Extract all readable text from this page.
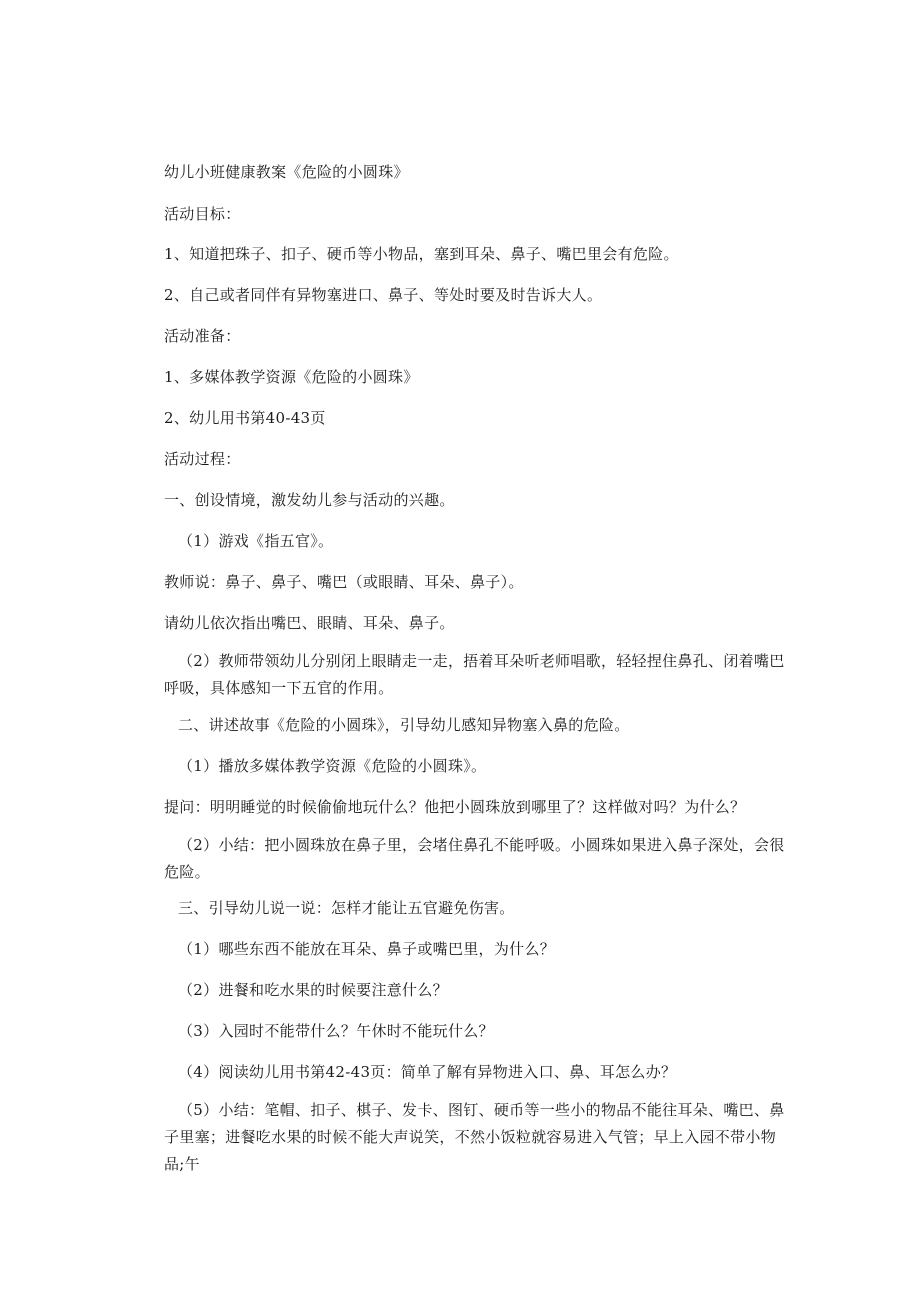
幼儿小班健康教案《危险的小圆珠》
活动目标：
1、知道把珠子、扣子、硬币等小物品，塞到耳朵、鼻子、嘴巴里会有危险。
2、自己或者同伴有异物塞进口、鼻子、等处时要及时告诉大人。
活动准备：
1、多媒体教学资源《危险的小圆珠》
2、幼儿用书第40-43页
活动过程：
一、创设情境，激发幼儿参与活动的兴趣。
（1）游戏《指五官》。
教师说：鼻子、鼻子、嘴巴（或眼睛、耳朵、鼻子）。
请幼儿依次指出嘴巴、眼睛、耳朵、鼻子。
（2）教师带领幼儿分别闭上眼睛走一走，捂着耳朵听老师唱歌，轻轻捏住鼻孔、闭着嘴巴呼吸，具体感知一下五官的作用。
二、讲述故事《危险的小圆珠》，引导幼儿感知异物塞入鼻的危险。
（1）播放多媒体教学资源《危险的小圆珠》。
提问：明明睡觉的时候偷偷地玩什么？他把小圆珠放到哪里了？这样做对吗？为什么？
（2）小结：把小圆珠放在鼻子里，会堵住鼻孔不能呼吸。小圆珠如果进入鼻子深处，会很危险。
三、引导幼儿说一说：怎样才能让五官避免伤害。
（1）哪些东西不能放在耳朵、鼻子或嘴巴里，为什么？
（2）进餐和吃水果的时候要注意什么？
（3）入园时不能带什么？午休时不能玩什么？
（4）阅读幼儿用书第42-43页：简单了解有异物进入口、鼻、耳怎么办？
（5）小结：笔帽、扣子、棋子、发卡、图钉、硬币等一些小的物品不能往耳朵、嘴巴、鼻子里塞；进餐吃水果的时候不能大声说笑，不然小饭粒就容易进入气管；早上入园不带小物品;午
